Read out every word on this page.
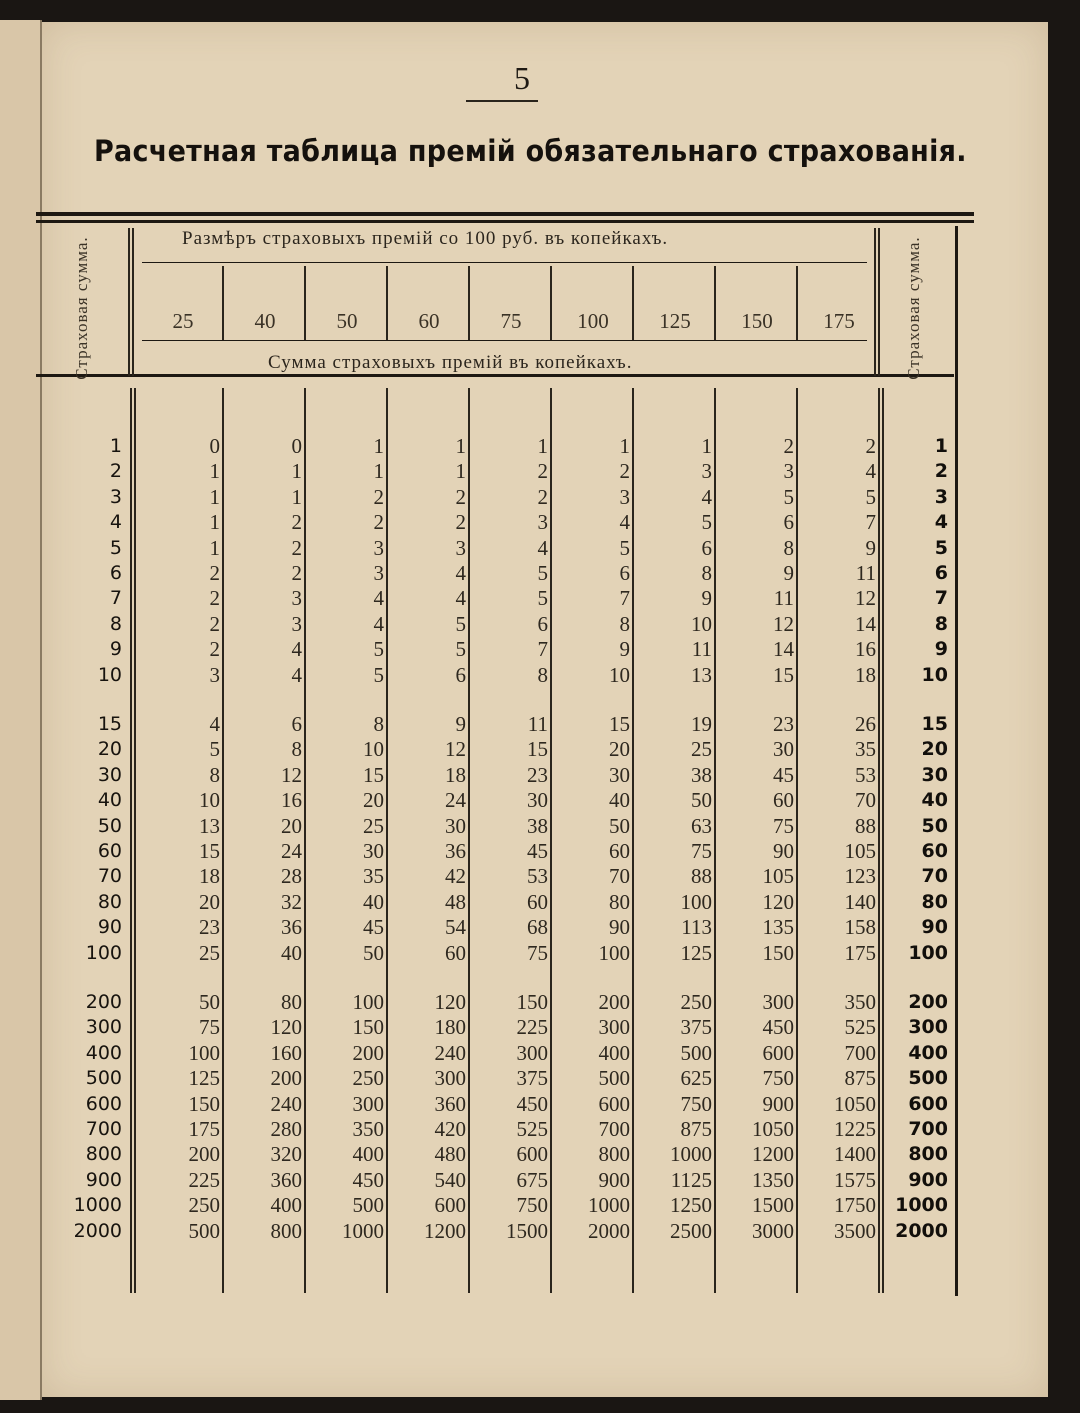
5
Расчетная таблица премій обязательнаго страхованія.
Размѣръ страховыхъ премій со 100 руб. въ копейкахъ.
Сумма страховыхъ премій въ копейкахъ.
Страховая сумма.	Страховая сумма.
25	40	50	60	75	100	125	150	175
1	0	0	1	1	1	1	1	2	2	1
2	1	1	1	1	2	2	3	3	4	2
3	1	1	2	2	2	3	4	5	5	3
4	1	2	2	2	3	4	5	6	7	4
5	1	2	3	3	4	5	6	8	9	5
6	2	2	3	4	5	6	8	9	11	6
7	2	3	4	4	5	7	9	11	12	7
8	2	3	4	5	6	8	10	12	14	8
9	2	4	5	5	7	9	11	14	16	9
10	3	4	5	6	8	10	13	15	18	10
15	4	6	8	9	11	15	19	23	26	15
20	5	8	10	12	15	20	25	30	35	20
30	8	12	15	18	23	30	38	45	53	30
40	10	16	20	24	30	40	50	60	70	40
50	13	20	25	30	38	50	63	75	88	50
60	15	24	30	36	45	60	75	90	105	60
70	18	28	35	42	53	70	88	105	123	70
80	20	32	40	48	60	80	100	120	140	80
90	23	36	45	54	68	90	113	135	158	90
100	25	40	50	60	75	100	125	150	175	100
200	50	80	100	120	150	200	250	300	350	200
300	75	120	150	180	225	300	375	450	525	300
400	100	160	200	240	300	400	500	600	700	400
500	125	200	250	300	375	500	625	750	875	500
600	150	240	300	360	450	600	750	900	1050	600
700	175	280	350	420	525	700	875	1050	1225	700
800	200	320	400	480	600	800	1000	1200	1400	800
900	225	360	450	540	675	900	1125	1350	1575	900
1000	250	400	500	600	750	1000	1250	1500	1750	1000
2000	500	800	1000	1200	1500	2000	2500	3000	3500	2000
